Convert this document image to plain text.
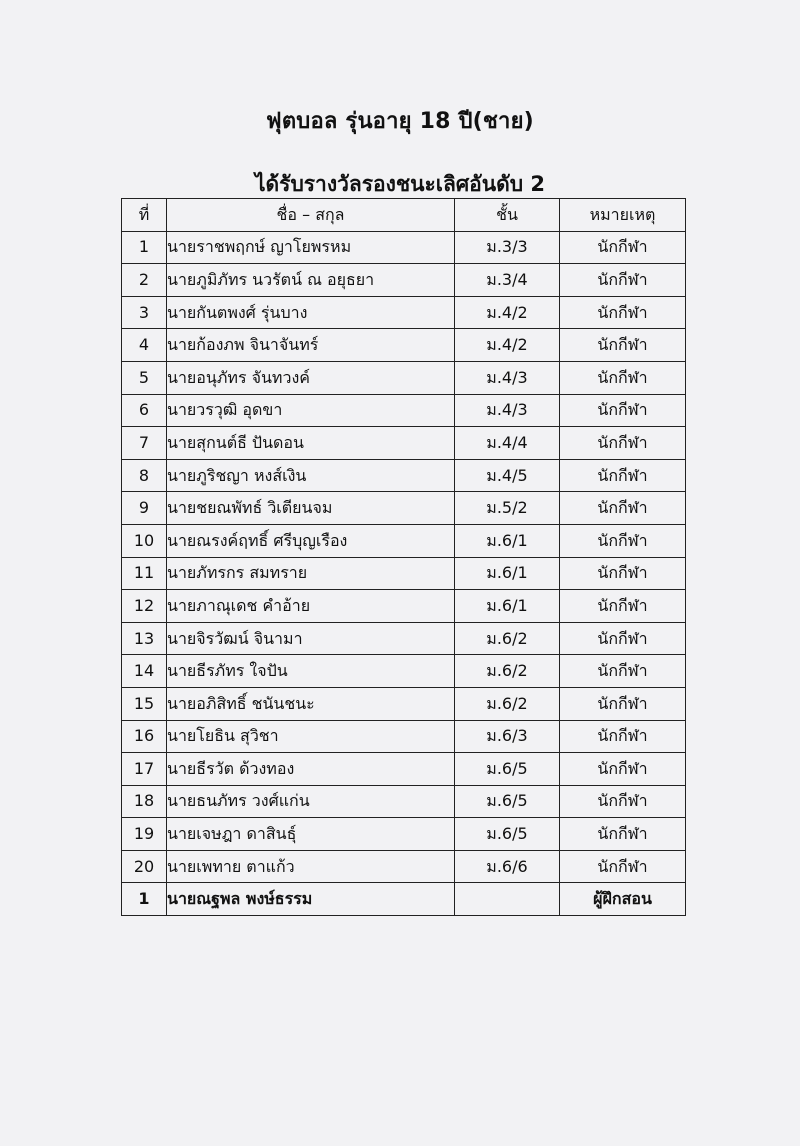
ฟุตบอล รุ่นอายุ 18 ปี(ชาย)
ได้รับรางวัลรองชนะเลิศอันดับ 2
ที่	ชื่อ – สกุล	ชั้น	หมายเหตุ
1	นายราชพฤกษ์ ญาโยพรหม	ม.3/3	นักกีฬา
2	นายภูมิภัทร นวรัตน์ ณ อยุธยา	ม.3/4	นักกีฬา
3	นายกันตพงศ์ รุ่นบาง	ม.4/2	นักกีฬา
4	นายก้องภพ จินาจันทร์	ม.4/2	นักกีฬา
5	นายอนุภัทร จันทวงค์	ม.4/3	นักกีฬา
6	นายวรวุฒิ อุดขา	ม.4/3	นักกีฬา
7	นายสุกนต์ธี ปันดอน	ม.4/4	นักกีฬา
8	นายภูริชญา หงส์เงิน	ม.4/5	นักกีฬา
9	นายชยณพัทธ์ วิเตียนจม	ม.5/2	นักกีฬา
10	นายณรงค์ฤทธิ์ ศรีบุญเรือง	ม.6/1	นักกีฬา
11	นายภัทรกร สมทราย	ม.6/1	นักกีฬา
12	นายภาณุเดช คำอ้าย	ม.6/1	นักกีฬา
13	นายจิรวัฒน์ จินามา	ม.6/2	นักกีฬา
14	นายธีรภัทร ใจปัน	ม.6/2	นักกีฬา
15	นายอภิสิทธิ์ ชนันชนะ	ม.6/2	นักกีฬา
16	นายโยธิน สุวิชา	ม.6/3	นักกีฬา
17	นายธีรวัต ด้วงทอง	ม.6/5	นักกีฬา
18	นายธนภัทร วงศ์แก่น	ม.6/5	นักกีฬา
19	นายเจษฎา ดาสินธุ์	ม.6/5	นักกีฬา
20	นายเพทาย ตาแก้ว	ม.6/6	นักกีฬา
1	นายณฐพล พงษ์ธรรม		ผู้ฝึกสอน
